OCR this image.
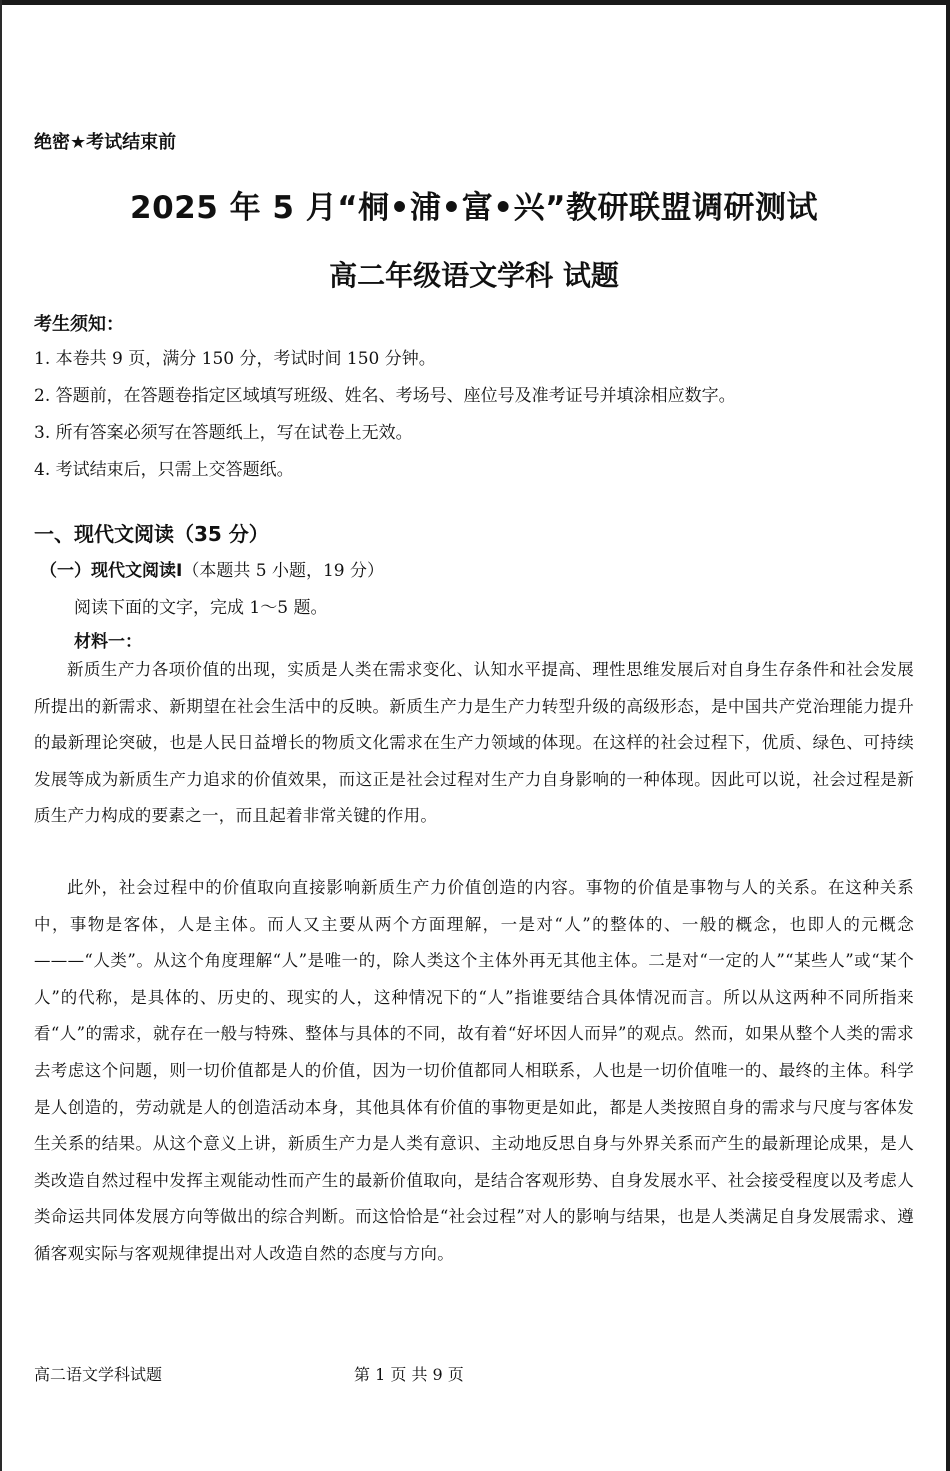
绝密★考试结束前
2025 年 5 月“桐•浦•富•兴”教研联盟调研测试
高二年级语文学科 试题
考生须知：
1. 本卷共 9 页，满分 150 分，考试时间 150 分钟。
2. 答题前，在答题卷指定区域填写班级、姓名、考场号、座位号及准考证号并填涂相应数字。
3. 所有答案必须写在答题纸上，写在试卷上无效。
4. 考试结束后，只需上交答题纸。
一、现代文阅读（35 分）
（一）现代文阅读Ⅰ（本题共 5 小题，19 分）
阅读下面的文字，完成 1～5 题。
材料一：

新质生产力各项价值的出现，实质是人类在需求变化、认知水平提高、理性思维发展后对自身生存条件和社会发展所提出的新需求、新期望在社会生活中的反映。新质生产力是生产力转型升级的高级形态，是中国共产党治理能力提升的最新理论突破，也是人民日益增长的物质文化需求在生产力领域的体现。在这样的社会过程下，优质、绿色、可持续发展等成为新质生产力追求的价值效果，而这正是社会过程对生产力自身影响的一种体现。因此可以说，社会过程是新质生产力构成的要素之一，而且起着非常关键的作用。

此外，社会过程中的价值取向直接影响新质生产力价值创造的内容。事物的价值是事物与人的关系。在这种关系中，事物是客体，人是主体。而人又主要从两个方面理解，一是对“人”的整体的、一般的概念，也即人的元概念———“人类”。从这个角度理解“人”是唯一的，除人类这个主体外再无其他主体。二是对“一定的人”“某些人”或“某个人”的代称，是具体的、历史的、现实的人，这种情况下的“人”指谁要结合具体情况而言。所以从这两种不同所指来看“人”的需求，就存在一般与特殊、整体与具体的不同，故有着“好坏因人而异”的观点。然而，如果从整个人类的需求去考虑这个问题，则一切价值都是人的价值，因为一切价值都同人相联系，人也是一切价值唯一的、最终的主体。科学是人创造的，劳动就是人的创造活动本身，其他具体有价值的事物更是如此，都是人类按照自身的需求与尺度与客体发生关系的结果。从这个意义上讲，新质生产力是人类有意识、主动地反思自身与外界关系而产生的最新理论成果，是人类改造自然过程中发挥主观能动性而产生的最新价值取向，是结合客观形势、自身发展水平、社会接受程度以及考虑人类命运共同体发展方向等做出的综合判断。而这恰恰是“社会过程”对人的影响与结果，也是人类满足自身发展需求、遵循客观实际与客观规律提出对人改造自然的态度与方向。

高二语文学科试题	第 1 页 共 9 页
